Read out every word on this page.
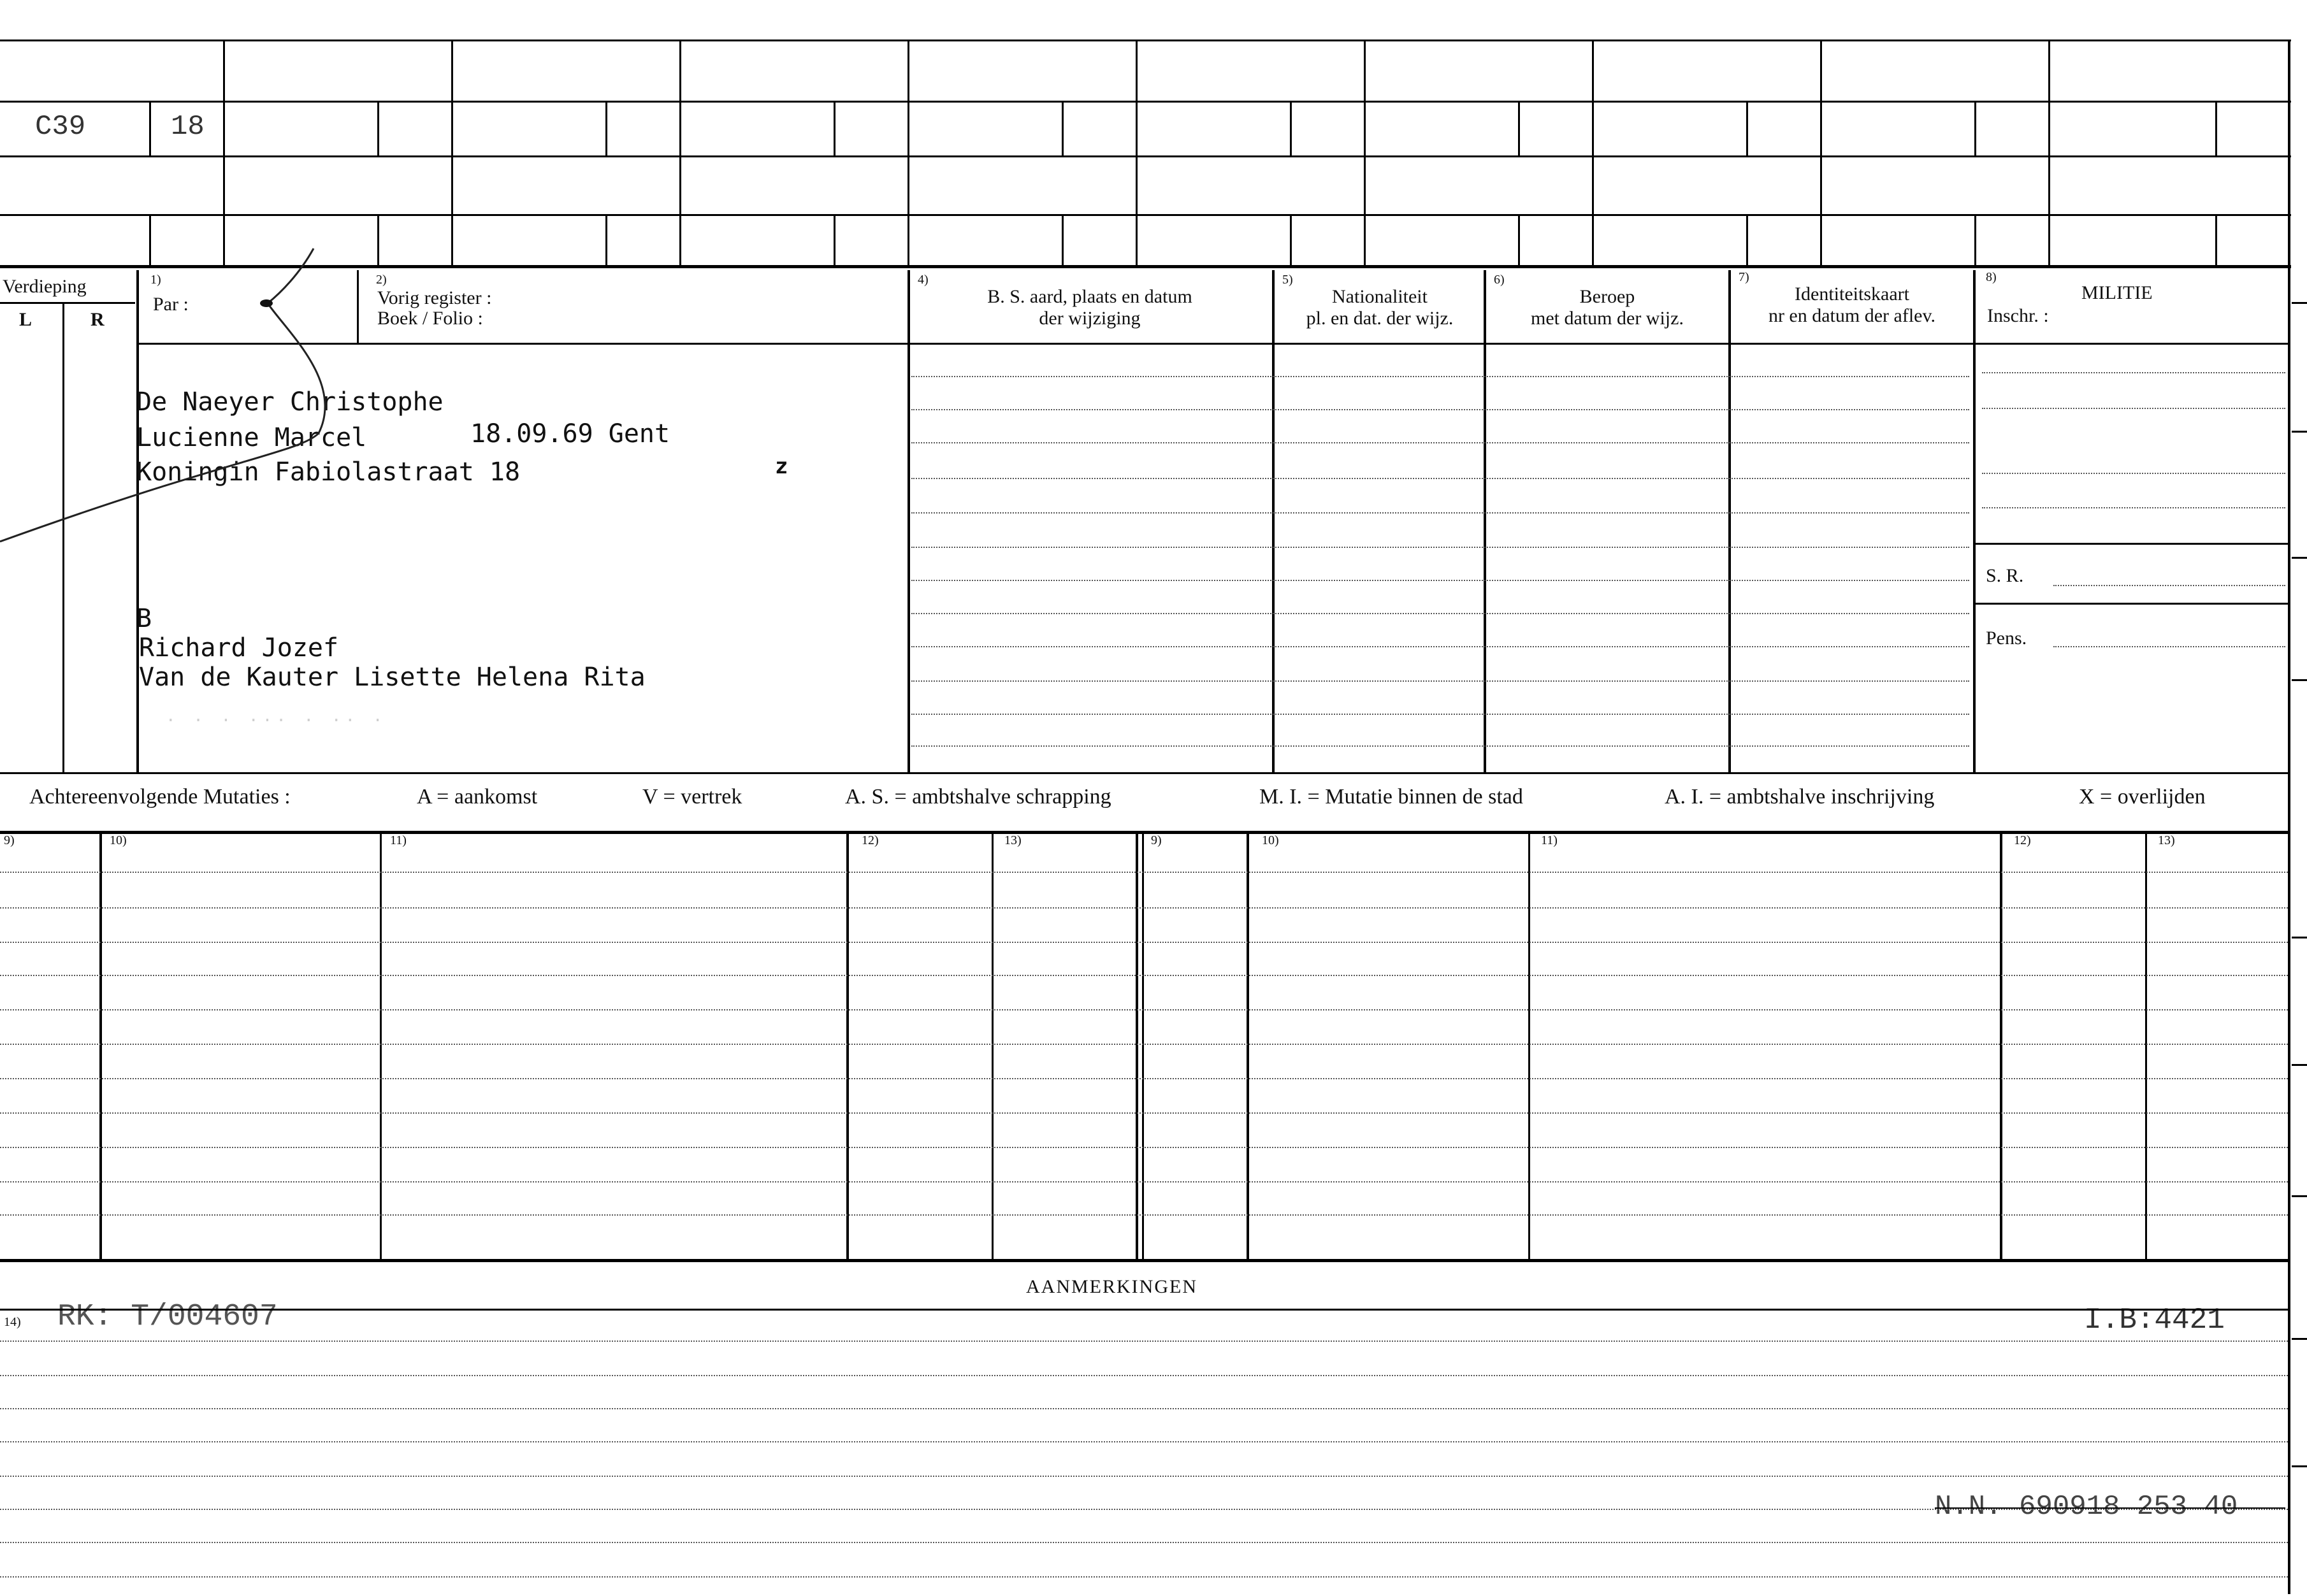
C39	18
Verdieping
L	R
1)
Par :
2)
Vorig register :
Boek / Folio :
4)
B. S. aard, plaats en datum
der wijziging
5)
Nationaliteit
pl. en dat. der wijz.
6)
Beroep
met datum der wijz.
7)
Identiteitskaart
nr en datum der aflev.
8)
MILITIE
Inschr. :
S. R.
Pens.
De Naeyer Christophe
Lucienne Marcel	18.09.69 Gent
Koningin Fabiolastraat 18	z
B
Richard Jozef
Van de Kauter Lisette Helena Rita
· · · ··· · ·· ·
Achtereenvolgende Mutaties :	A = aankomst	V = vertrek	A. S. = ambtshalve schrapping	M. I. = Mutatie binnen de stad	A. I. = ambtshalve inschrijving	X = overlijden
9)	10)	11)	12)	13)	9)	10)	11)	12)	13)
AANMERKINGEN
14) RK: T/004607	I.B:4421
N.N. 690918 253 40
